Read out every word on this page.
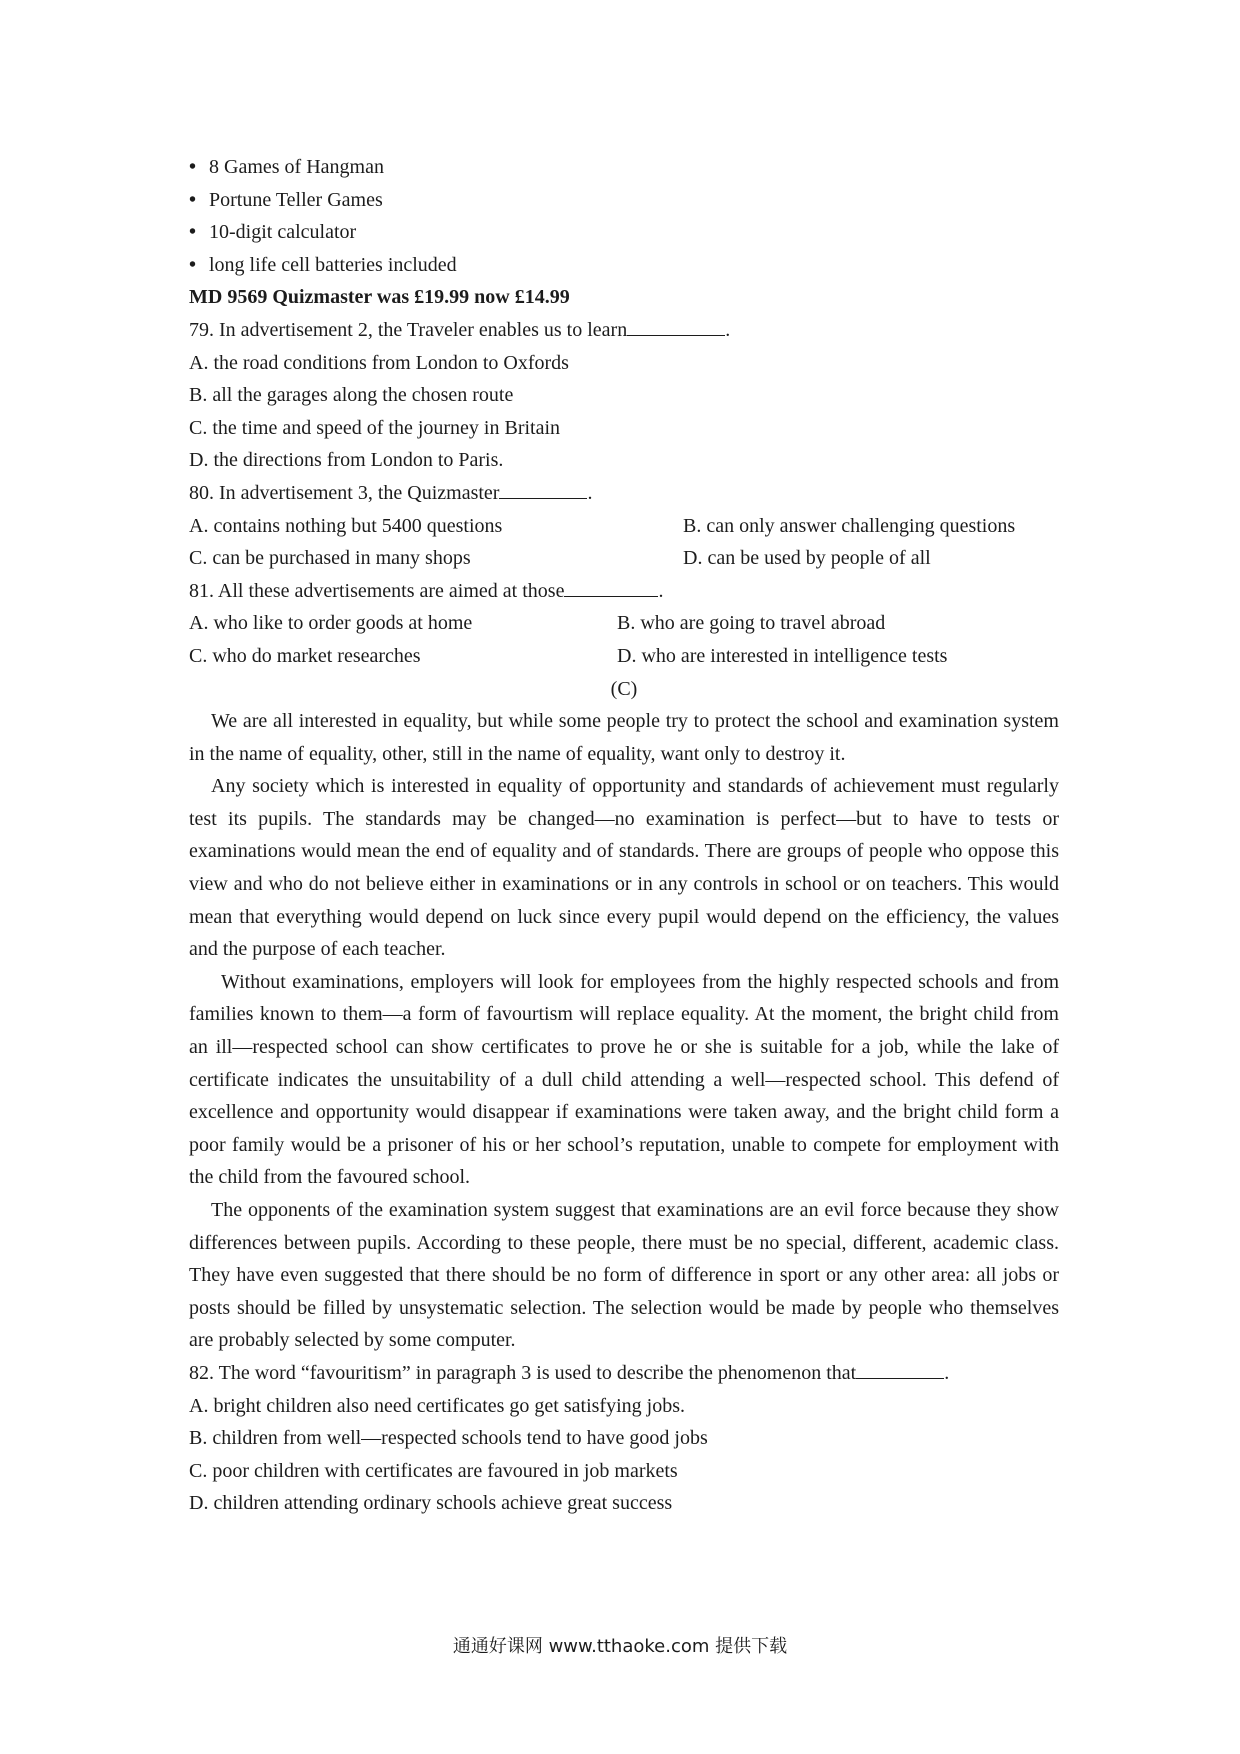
• 8 Games of Hangman
• Portune Teller Games
• 10-digit calculator
• long life cell batteries included
MD 9569 Quizmaster was £19.99 now £14.99
79. In advertisement 2, the Traveler enables us to learn	.
A. the road conditions from London to Oxfords
B. all the garages along the chosen route
C. the time and speed of the journey in Britain
D. the directions from London to Paris.
80. In advertisement 3, the Quizmaster	.
A. contains nothing but 5400 questions	B. can only answer challenging questions
C. can be purchased in many shops	D. can be used by people of all
81. All these advertisements are aimed at those	.
A. who like to order goods at home	B. who are going to travel abroad
C. who do market researches	D. who are interested in intelligence tests
(C)

We are all interested in equality, but while some people try to protect the school and examination system in the name of equality, other, still in the name of equality, want only to destroy it.

Any society which is interested in equality of opportunity and standards of achievement must regularly test its pupils. The standards may be changed—no examination is perfect—but to have to tests or examinations would mean the end of equality and of standards. There are groups of people who oppose this view and who do not believe either in examinations or in any controls in school or on teachers. This would mean that everything would depend on luck since every pupil would depend on the efficiency, the values and the purpose of each teacher.

Without examinations, employers will look for employees from the highly respected schools and from families known to them—a form of favourtism will replace equality. At the moment, the bright child from an ill—respected school can show certificates to prove he or she is suitable for a job, while the lake of certificate indicates the unsuitability of a dull child attending a well—respected school. This defend of excellence and opportunity would disappear if examinations were taken away, and the bright child form a poor family would be a prisoner of his or her school’s reputation, unable to compete for employment with the child from the favoured school.

The opponents of the examination system suggest that examinations are an evil force because they show differences between pupils. According to these people, there must be no special, different, academic class. They have even suggested that there should be no form of difference in sport or any other area: all jobs or posts should be filled by unsystematic selection. The selection would be made by people who themselves are probably selected by some computer.

82. The word “favouritism” in paragraph 3 is used to describe the phenomenon that	.
A. bright children also need certificates go get satisfying jobs.
B. children from well—respected schools tend to have good jobs
C. poor children with certificates are favoured in job markets
D. children attending ordinary schools achieve great success
通通好课网 www.tthaoke.com 提供下载
